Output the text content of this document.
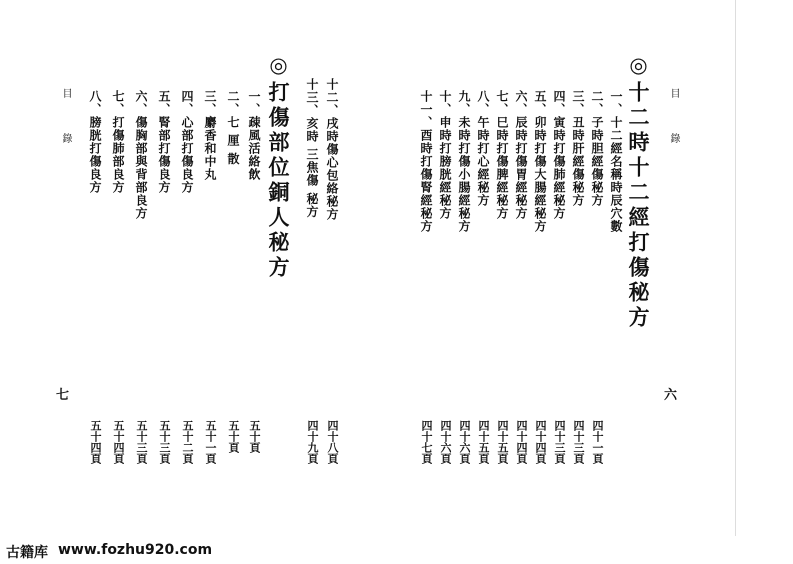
目 錄
◎十二時十二經打傷秘方
一、十二經名稱時辰穴數
二、子時胆經傷秘方
三、丑時肝經傷秘方
四、寅時打傷肺經秘方
五、卯時打傷大腸經秘方
六、辰時打傷胃經秘方
七、巳時打傷脾經秘方
八、午時打心經秘方
九、未時打傷小腸經秘方
十、申時打膀胱經秘方
十一、酉時打傷腎經秘方
四十一頁
四十三頁
四十三頁
四十四頁
四十四頁
四十五頁
四十五頁
四十六頁
四十六頁
四十七頁
六
目 錄	十二、戌時傷心包絡秘方
十三、亥時 三焦傷 秘方
◎打傷部位銅人秘方
一、疎風活絡飲
二、七 厘 散
三、麝香和中丸
四、心部打傷良方
五、腎部打傷良方
六、傷胸部與背部良方
七、打傷肺部良方
八、膀胱打傷良方
四十八頁
四十九頁
五十頁
五十頁
五十一頁
五十二頁
五十三頁
五十三頁
五十四頁
五十四頁
七
古籍库 www.fozhu920.com
